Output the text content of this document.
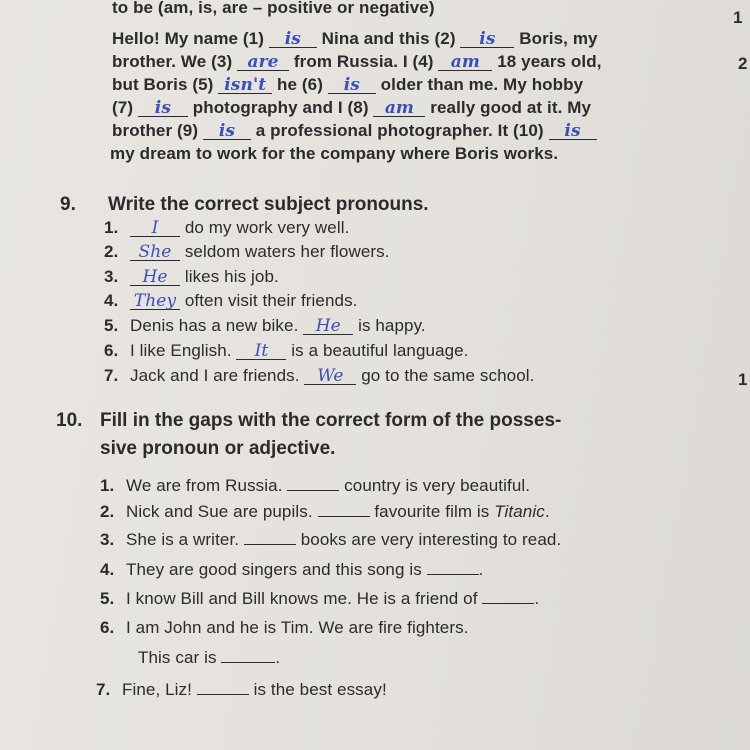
to be (am, is, are – positive or negative)
Hello! My name (1) is Nina and this (2) is Boris, my
brother. We (3) are from Russia. I (4) am 18 years old,
but Boris (5) isn't he (6) is older than me. My hobby
(7) is photography and I (8) am really good at it. My
brother (9) is a professional photographer. It (10) is
my dream to work for the company where Boris works.
9. Write the correct subject pronouns.
1. I do my work very well.
2. She seldom waters her flowers.
3. He likes his job.
4. They often visit their friends.
5. Denis has a new bike. He is happy.
6. I like English. It is a beautiful language.
7. Jack and I are friends. We go to the same school.
10. Fill in the gaps with the correct form of the posses-
sive pronoun or adjective.
1. We are from Russia.	country is very beautiful.
2. Nick and Sue are pupils.	favourite film is Titanic.
3. She is a writer.	books are very interesting to read.
4. They are good singers and this song is	.
5. I know Bill and Bill knows me. He is a friend of	.
6. I am John and he is Tim. We are fire fighters.
This car is	.
7. Fine, Liz!	is the best essay!
1
2
1
